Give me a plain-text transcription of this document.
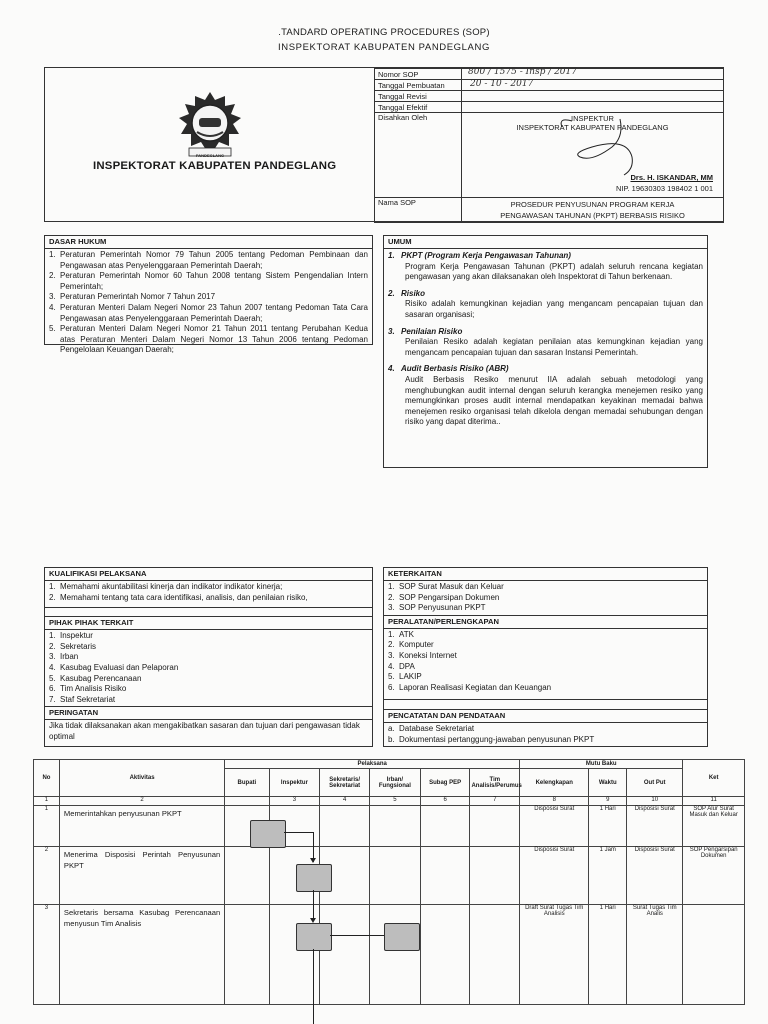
.TANDARD OPERATING PROCEDURES (SOP)
INSPEKTORAT KABUPATEN PANDEGLANG
PANDEGLANG
INSPEKTORAT KABUPATEN PANDEGLANG
Nomor SOP	800 / 1575 - Insp / 2017

Tanggal Pembuatan	20 - 10 - 2017

Tanggal Revisi	
Tanggal Efektif	
Disahkan Oleh	INSPEKTUR
INSPEKTORAT KABUPATEN PANDEGLANG
Drs. H. ISKANDAR, MM
NIP. 19630303 198402 1 001

Nama SOP	PROSEDUR PENYUSUNAN PROGRAM KERJA
PENGAWASAN TAHUNAN (PKPT) BERBASIS RISIKO
DASAR HUKUM
1. Peraturan Pemerintah Nomor 79 Tahun 2005 tentang Pedoman Pembinaan dan Pengawasan atas Penyelenggaraan Pemerintah Daerah;
2. Peraturan Pemerintah Nomor 60 Tahun 2008 tentang Sistem Pengendalian Intern Pemerintah;
3. Peraturan Pemerintah Nomor 7 Tahun 2017
4. Peraturan Menteri Dalam Negeri Nomor 23 Tahun 2007 tentang Pedoman Tata Cara Pengawasan atas Penyelenggaraan Pemerintah Daerah;
5. Peraturan Menteri Dalam Negeri Nomor 21 Tahun 2011 tentang Perubahan Kedua atas Peraturan Menteri Dalam Negeri Nomor 13 Tahun 2006 tentang Pedoman Pengelolaan Keuangan Daerah;
UMUM
1. PKPT (Program Kerja Pengawasan Tahunan)
Program Kerja Pengawasan Tahunan (PKPT) adalah seluruh rencana kegiatan pengawasan yang akan dilaksanakan oleh Inspektorat di Tahun berkenaan.
2. Risiko
Risiko adalah kemungkinan kejadian yang mengancam pencapaian tujuan dan sasaran organisasi;
3. Penilaian Risiko
Penilaian Resiko adalah kegiatan penilaian atas kemungkinan kejadian yang mengancam pencapaian tujuan dan sasaran Instansi Pemerintah.
4. Audit Berbasis Risiko (ABR)
Audit Berbasis Resiko menurut IIA adalah sebuah metodologi yang menghubungkan audit internal dengan seluruh kerangka menejemen resiko yang memungkinkan proses audit internal mendapatkan keyakinan memadai bahwa menejemen resiko organisasi telah dikelola dengan memadai sehubungan dengan risiko yang dapat diterima..
KUALIFIKASI PELAKSANA
1. Memahami akuntabilitasi kinerja dan indikator indikator kinerja;
2. Memahami tentang tata cara identifikasi, analisis, dan penilaian risiko,
PIHAK PIHAK TERKAIT
1. Inspektur
2. Sekretaris
3. Irban
4. Kasubag Evaluasi dan Pelaporan
5. Kasubag Perencanaan
6. Tim Analisis Risiko
7. Staf Sekretariat
PERINGATAN
Jika tidak dilaksanakan akan mengakibatkan sasaran dan tujuan dari pengawasan tidak optimal
KETERKAITAN
1. SOP Surat Masuk dan Keluar
2. SOP Pengarsipan Dokumen
3. SOP Penyusunan PKPT
PERALATAN/PERLENGKAPAN
1. ATK
2. Komputer
3. Koneksi Internet
4. DPA
5. LAKIP
6. Laporan Realisasi Kegiatan dan Keuangan
PENCATATAN DAN PENDATAAN
a. Database Sekretariat
b. Dokumentasi pertanggung-jawaban penyusunan PKPT
No	Aktivitas	Pelaksana						Mutu Baku			Ket
		Bupati	Inspektur	Sekretaris/ Sekretariat	Irban/ Fungsional	Subag PEP	Tim Analisis/Perumus	Kelengkapan	Waktu	Out Put	
1	2		3	4	5	6	7	8	9	10	11
1	Memerintahkan penyusunan PKPT							Disposisi Surat	1 Hari	Disposisi Surat	SOP Alur Surat Masuk dan Keluar
2	Menerima Disposisi Perintah Penyusunan PKPT							Disposisi Surat	1 Jam	Disposisi Surat	SOP Pengarsipan Dokumen
3	Sekretaris bersama Kasubag Perencanaan menyusun Tim Analisis							Draft Surat Tugas Tim Analisis	1 Hari	Surat Tugas Tim Analis	
